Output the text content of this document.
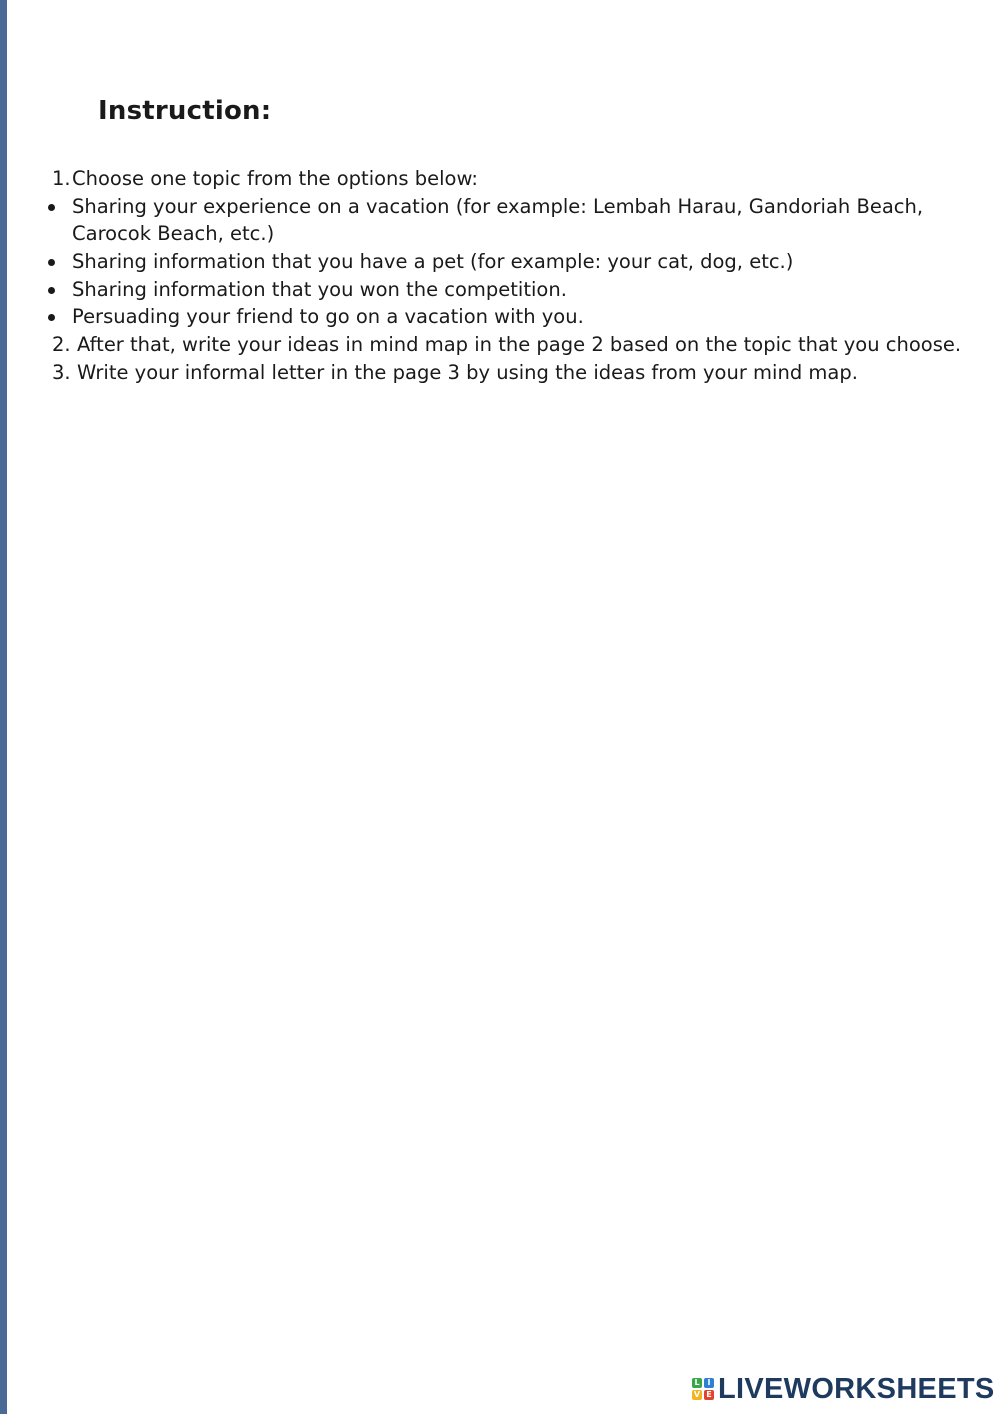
Instruction:
1. Choose one topic from the options below:
Sharing your experience on a vacation (for example: Lembah Harau, Gandoriah Beach,
Carocok Beach, etc.)
Sharing information that you have a pet (for example: your cat, dog, etc.)
Sharing information that you won the competition.
Persuading your friend to go on a vacation with you.
2. After that, write your ideas in mind map in the page 2 based on the topic that you choose.
3. Write your informal letter in the page 3 by using the ideas from your mind map.
L I
V E LIVEWORKSHEETS
